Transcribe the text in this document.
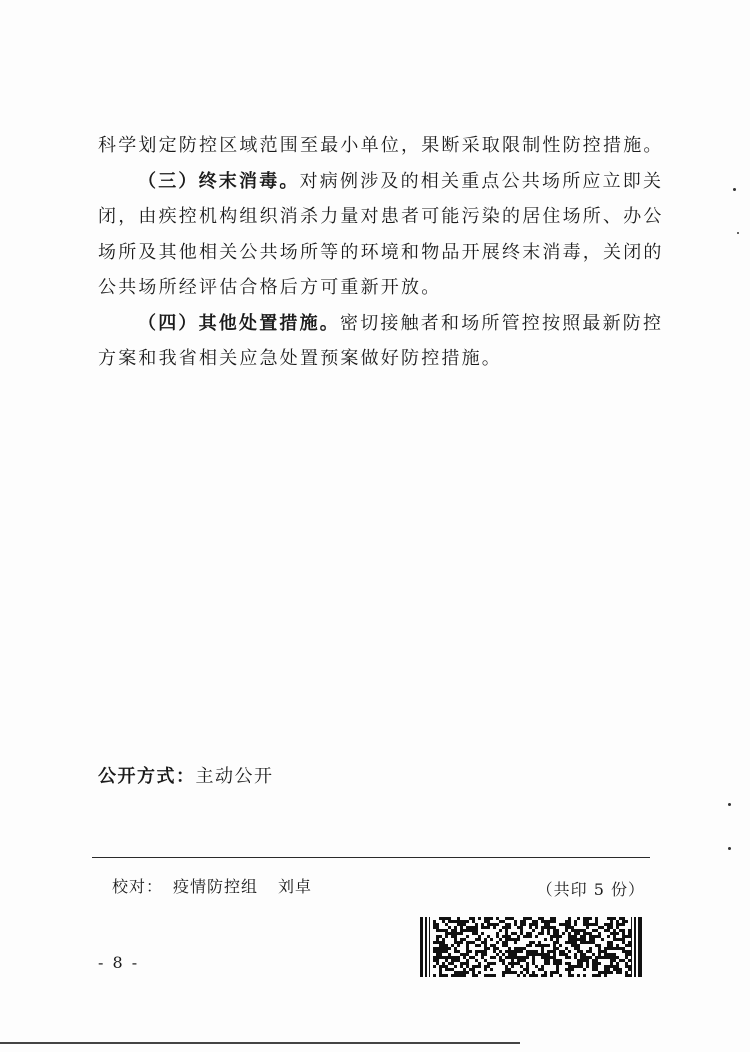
科学划定防控区域范围至最小单位，果断采取限制性防控措施。
（三）终末消毒。对病例涉及的相关重点公共场所应立即关
闭，由疾控机构组织消杀力量对患者可能污染的居住场所、办公
场所及其他相关公共场所等的环境和物品开展终末消毒，关闭的
公共场所经评估合格后方可重新开放。
（四）其他处置措施。密切接触者和场所管控按照最新防控
方案和我省相关应急处置预案做好防控措施。
公开方式：主动公开
校对： 疫情防控组 刘卓	（共印 5 份）
- 8 -
